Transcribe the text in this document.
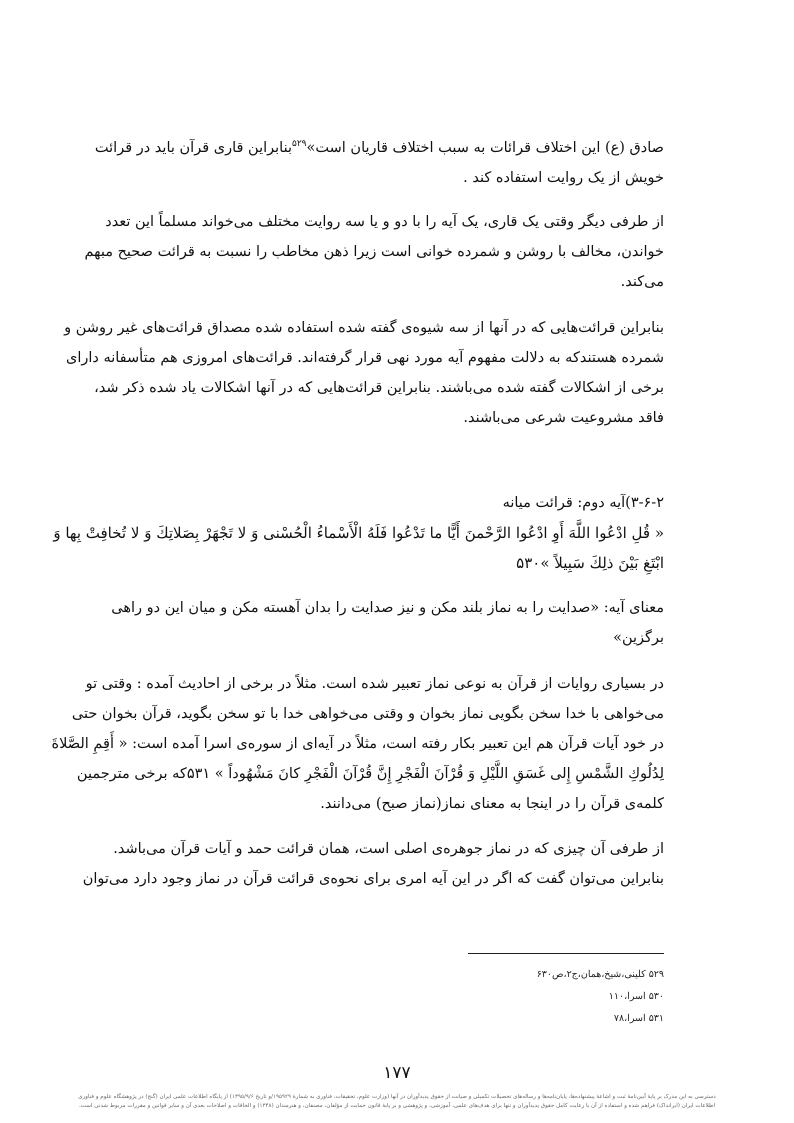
صادق (ع) این اختلاف قرائات به سبب اختلاف قاریان است»$^{۵۲۹}$بنابراین قاری قرآن باید در قرائت
خویش از یک روایت استفاده کند .
از طرفی دیگر وقتی یک قاری، یک آیه را با دو و یا سه روایت مختلف می‌خواند مسلماً این تعدد
خواندن، مخالف با روشن و شمرده خوانی است زیرا ذهن مخاطب را نسبت به قرائت صحیح مبهم
می‌کند.
بنابراین قرائت‌هایی که در آنها از سه شیوه‌ی گفته شده استفاده شده مصداق قرائت‌های غیر روشن و
شمرده هستندکه به دلالت مفهوم آیه مورد نهی قرار گرفته‌اند. قرائت‌های امروزی هم متأسفانه دارای
برخی از اشکالات گفته شده می‌باشند. بنابراین قرائت‌هایی که در آنها اشکالات یاد شده ذکر شد،
فاقد مشروعیت شرعی می‌باشند.
۳-۶-۲)آیه دوم: قرائت میانه
« قُلِ ادْعُوا اللَّهَ أَوِ ادْعُوا الرَّحْمنَ أَيًّا ما تَدْعُوا فَلَهُ الْأَسْماءُ الْحُسْنى‏ وَ لا تَجْهَرْ بِصَلاتِكَ وَ لا تُخافِتْ بِها وَ
ابْتَغِ بَيْنَ ذلِكَ سَبِيلاً »۵۳۰
معنای آیه: «صدایت را به نماز بلند مکن و نیز صدایت را بدان آهسته مکن و میان این دو راهی
برگزین»
در بسیاری روایات از قرآن به نوعی نماز تعبیر شده است. مثلاً در برخی از احادیث آمده : وقتی تو
می‌خواهی با خدا سخن بگویی نماز بخوان و وقتی می‌خواهی خدا با تو سخن بگوید، قرآن بخوان حتی
در خود آیات قرآن هم این تعبیر بکار رفته است، مثلاً در آیه‌ای از سوره‌ی اسرا آمده است: « أَقِمِ الصَّلاةَ
لِدُلُوكِ الشَّمْسِ إِلى‏ غَسَقِ اللَّيْلِ وَ قُرْآنَ الْفَجْرِ إِنَّ قُرْآنَ الْفَجْرِ كانَ مَشْهُوداً » ۵۳۱که برخی مترجمین
کلمه‌ی قرآن را در اینجا به معنای نماز(نماز صبح) می‌دانند.
از طرفی آن چیزی که در نماز جوهره‌ی اصلی است، همان قرائت حمد و آیات قرآن می‌باشد.
بنابراین می‌توان گفت که اگر در این آیه امری برای نحوه‌ی قرائت قرآن در نماز وجود دارد می‌توان
۵۲۹ کلینی،شیخ،همان،ج۲،ص۶۳۰
۵۳۰ اسرا،۱۱۰
۵۳۱ اسرا،۷۸
۱۷۷
دسترسی به این مدرک بر پایهٔ آیین‌نامهٔ ثبت و اشاعهٔ پیشنهاده‌ها، پایان‌نامه‌ها و رساله‌های تحصیلات تکمیلی و صیانت از حقوق پدیدآوران در آنها (وزارت علوم، تحقیقات، فناوری به شمارهٔ ۱۹۵۹۲۹/و تاریخ ۱۳۹۵/۹/۶) از پایگاه اطلاعات علمی ایران (گنج) در پژوهشگاه علوم و فناوری
اطلاعات ایران (ایرانداک) فراهم شده و استفاده از آن با رعایت کامل حقوق پدیدآوران و تنها برای هدف‌های علمی، آموزشی، و پژوهشی و بر پایهٔ قانون حمایت از مؤلفان، مصنفان، و هنرمندان (۱۳۴۸) و الحاقات و اصلاحات بعدی آن و سایر قوانین و مقررات مربوط شدنی است.
